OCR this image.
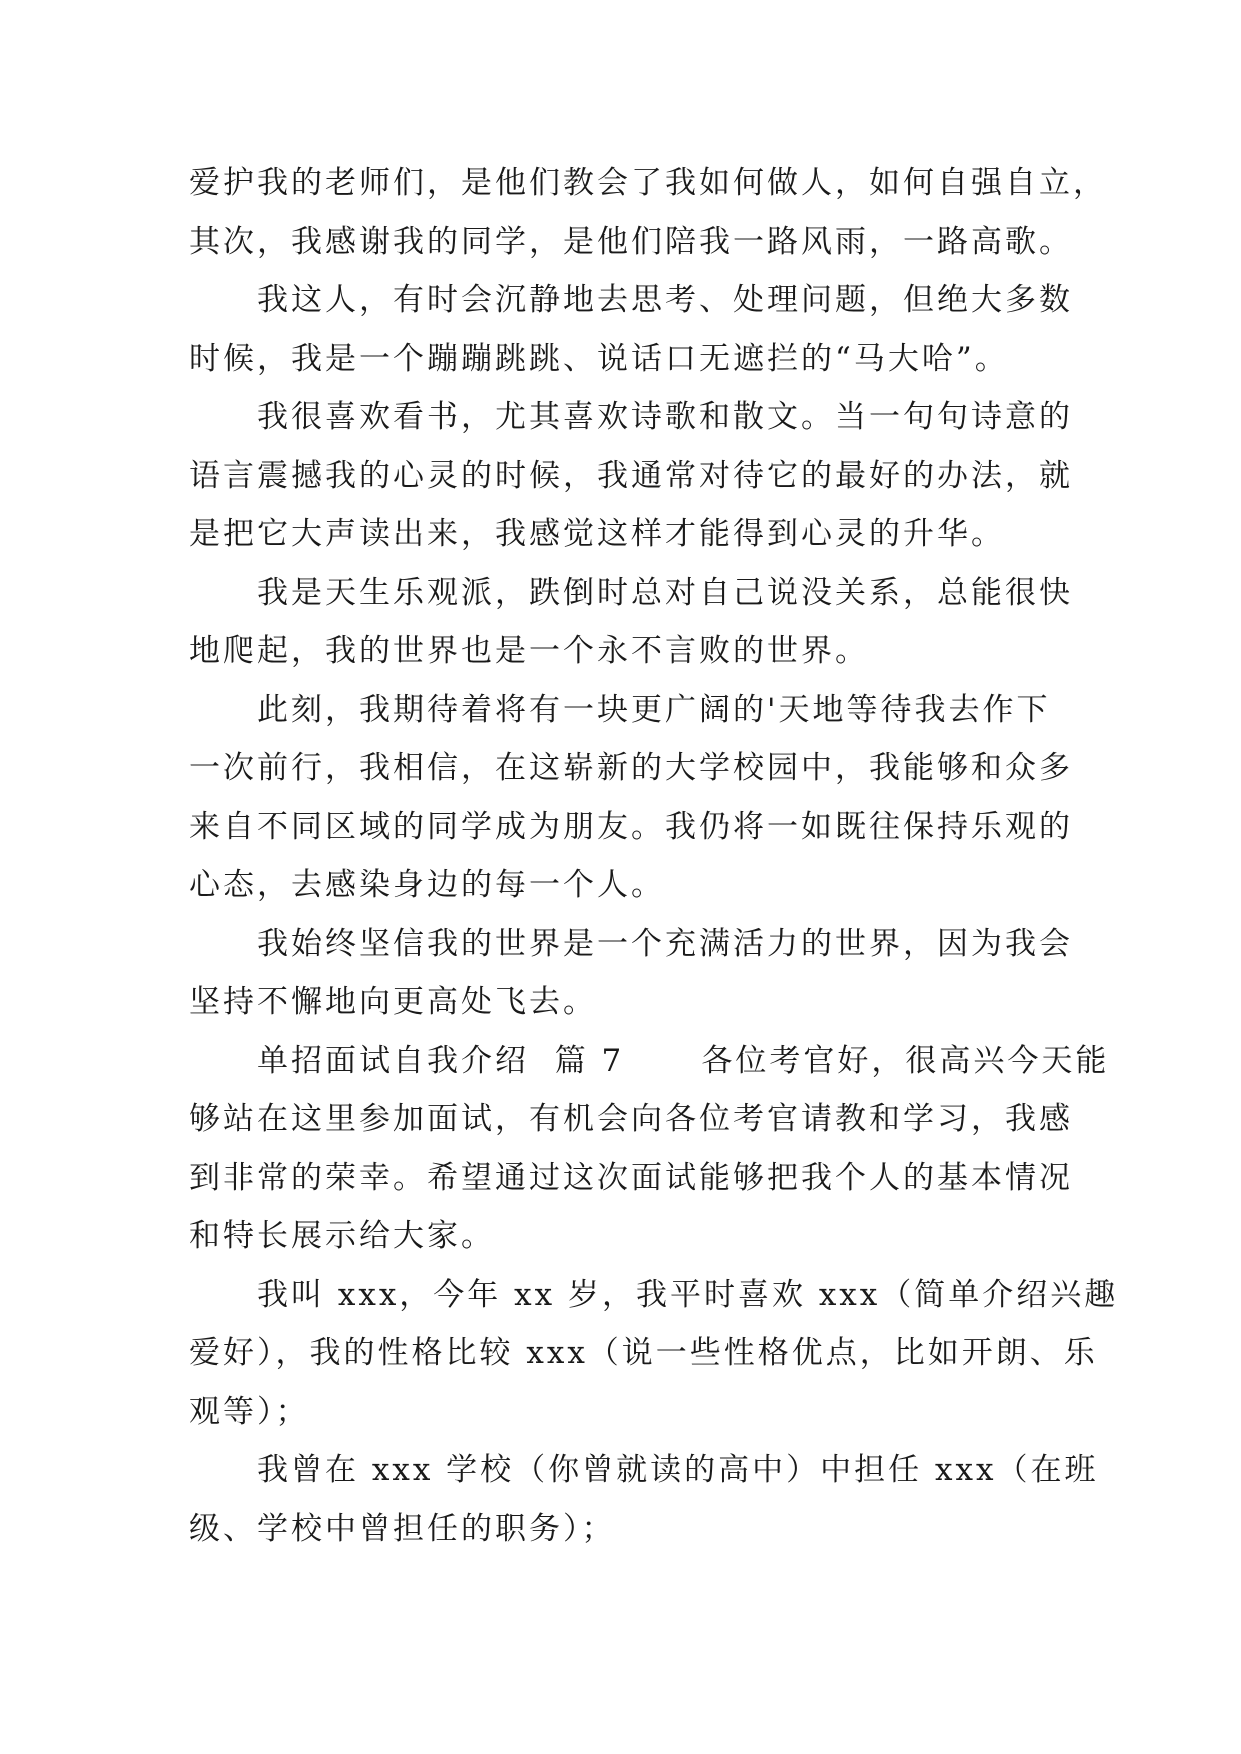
爱护我的老师们，是他们教会了我如何做人，如何自强自立，
其次，我感谢我的同学，是他们陪我一路风雨，一路高歌。
我这人，有时会沉静地去思考、处理问题，但绝大多数
时候，我是一个蹦蹦跳跳、说话口无遮拦的“马大哈”。
我很喜欢看书，尤其喜欢诗歌和散文。当一句句诗意的
语言震撼我的心灵的时候，我通常对待它的最好的办法，就
是把它大声读出来，我感觉这样才能得到心灵的升华。
我是天生乐观派，跌倒时总对自己说没关系，总能很快
地爬起，我的世界也是一个永不言败的世界。
此刻，我期待着将有一块更广阔的'天地等待我去作下
一次前行，我相信，在这崭新的大学校园中，我能够和众多
来自不同区域的同学成为朋友。我仍将一如既往保持乐观的
心态，去感染身边的每一个人。
我始终坚信我的世界是一个充满活力的世界，因为我会
坚持不懈地向更高处飞去。
单招面试自我介绍  篇 7      各位考官好，很高兴今天能
够站在这里参加面试，有机会向各位考官请教和学习，我感
到非常的荣幸。希望通过这次面试能够把我个人的基本情况
和特长展示给大家。
我叫 xxx，今年 xx 岁，我平时喜欢 xxx（简单介绍兴趣
爱好），我的性格比较 xxx（说一些性格优点，比如开朗、乐
观等）；
我曾在 xxx 学校（你曾就读的高中）中担任 xxx（在班
级、学校中曾担任的职务）；
